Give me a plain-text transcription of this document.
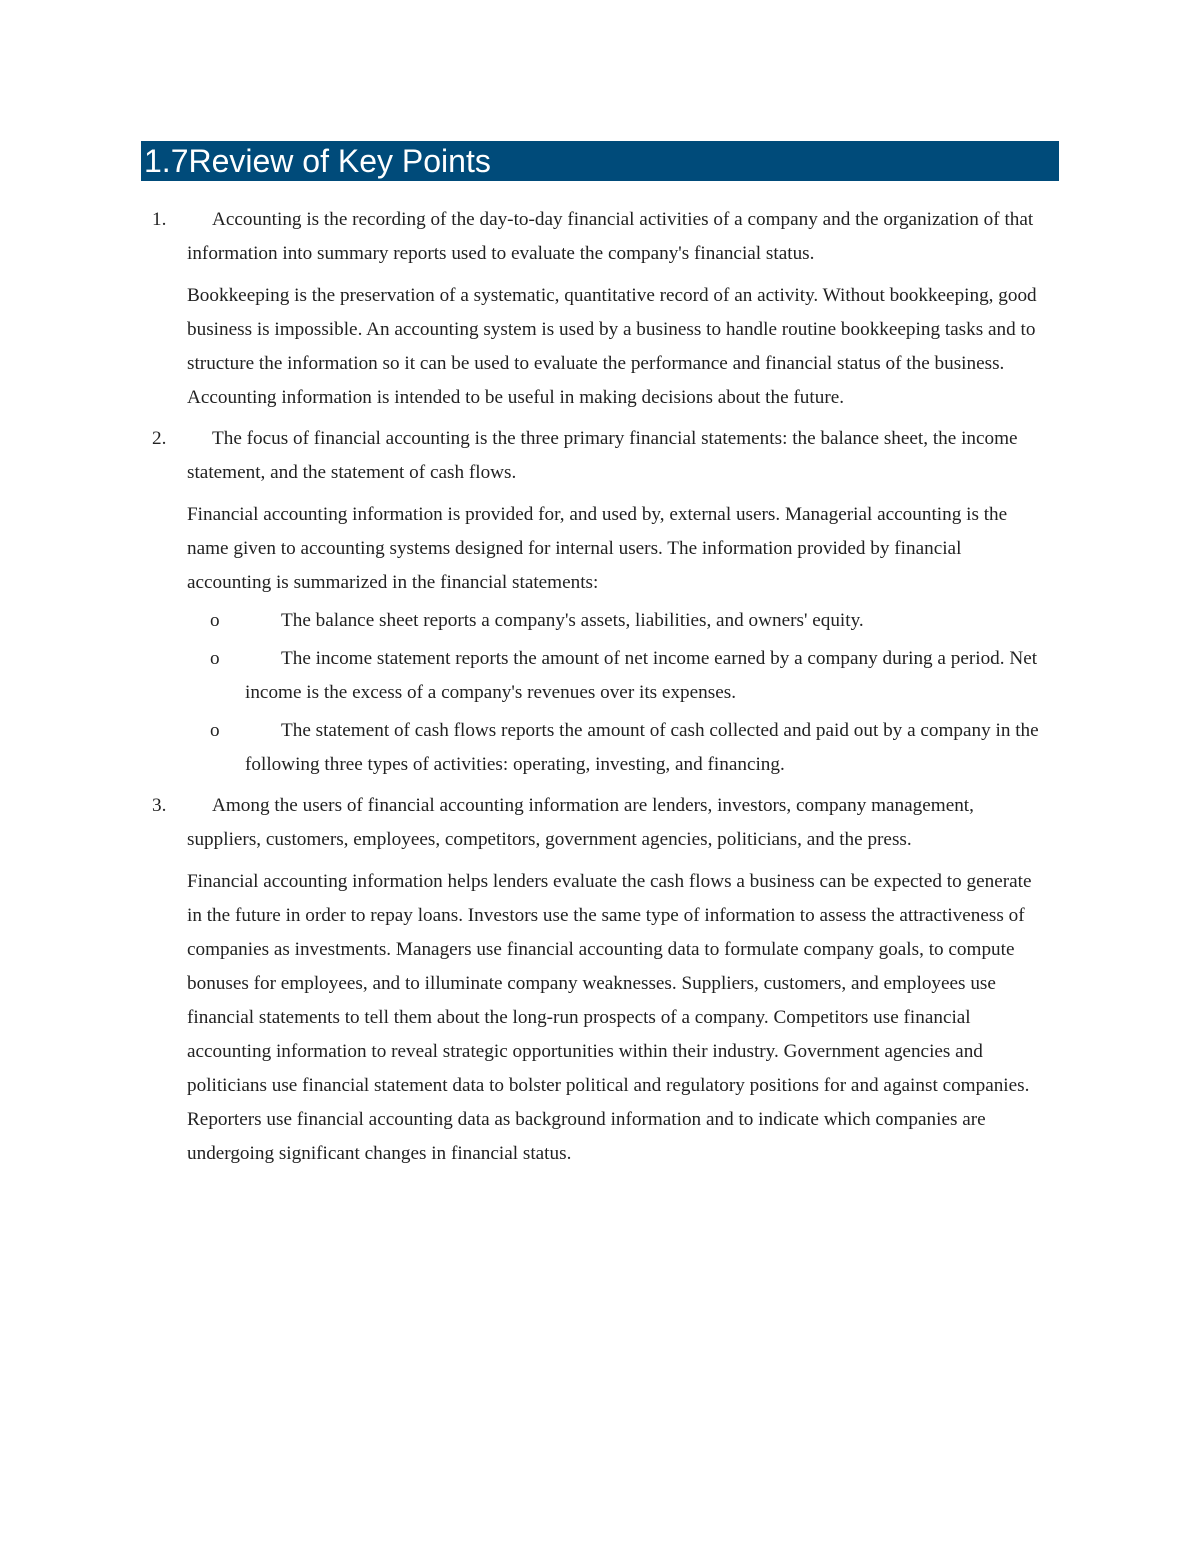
1.7Review of Key Points
1.	Accounting is the recording of the day-to-day financial activities of a company and the organization of that information into summary reports used to evaluate the company's financial status.

Bookkeeping is the preservation of a systematic, quantitative record of an activity. Without bookkeeping, good business is impossible. An accounting system is used by a business to handle routine bookkeeping tasks and to structure the information so it can be used to evaluate the performance and financial status of the business. Accounting information is intended to be useful in making decisions about the future.

2.	The focus of financial accounting is the three primary financial statements: the balance sheet, the income statement, and the statement of cash flows.

Financial accounting information is provided for, and used by, external users. Managerial accounting is the name given to accounting systems designed for internal users. The information provided by financial accounting is summarized in the financial statements:

o	The balance sheet reports a company's assets, liabilities, and owners' equity.

o	The income statement reports the amount of net income earned by a company during a period. Net income is the excess of a company's revenues over its expenses.

o	The statement of cash flows reports the amount of cash collected and paid out by a company in the following three types of activities: operating, investing, and financing.

3.	Among the users of financial accounting information are lenders, investors, company management, suppliers, customers, employees, competitors, government agencies, politicians, and the press.

Financial accounting information helps lenders evaluate the cash flows a business can be expected to generate in the future in order to repay loans. Investors use the same type of information to assess the attractiveness of companies as investments. Managers use financial accounting data to formulate company goals, to compute bonuses for employees, and to illuminate company weaknesses. Suppliers, customers, and employees use financial statements to tell them about the long-run prospects of a company. Competitors use financial accounting information to reveal strategic opportunities within their industry. Government agencies and politicians use financial statement data to bolster political and regulatory positions for and against companies. Reporters use financial accounting data as background information and to indicate which companies are undergoing significant changes in financial status.
